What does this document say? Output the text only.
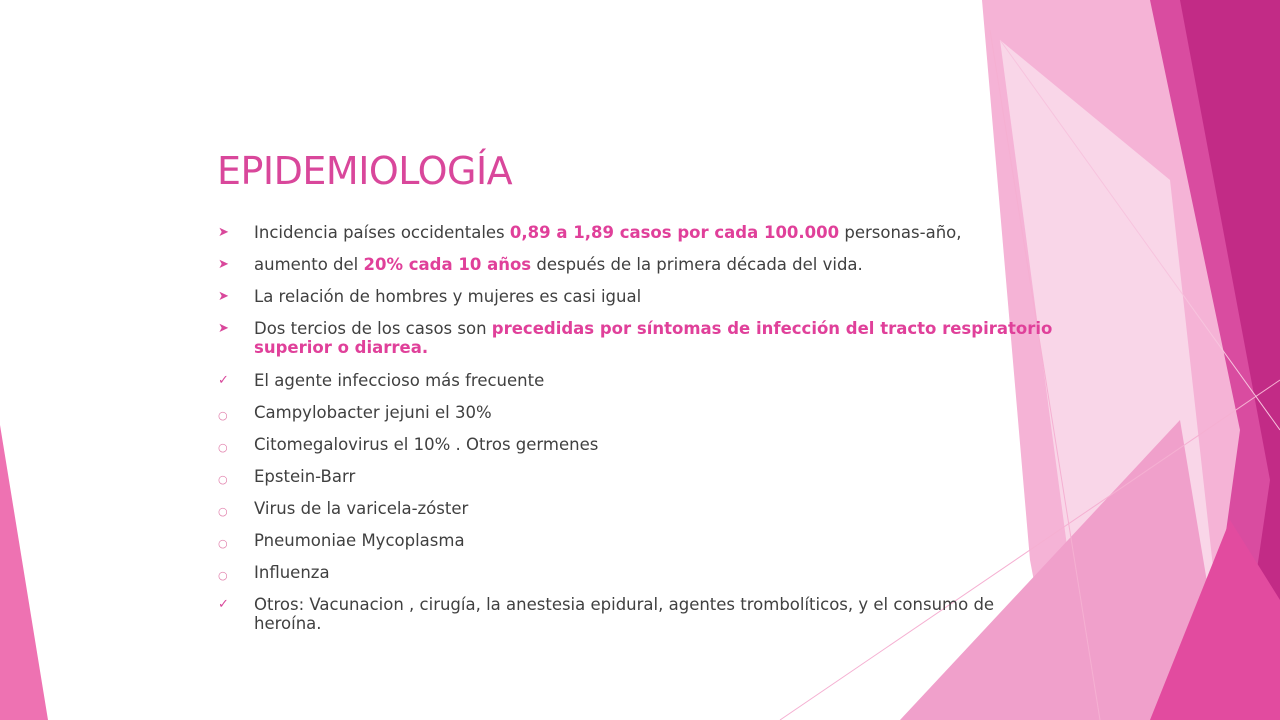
EPIDEMIOLOGÍA
➤	Incidencia países occidentales 0,89 a 1,89 casos por cada 100.000 personas-año,
➤	aumento del 20% cada 10 años después de la primera década del vida.
➤	La relación de hombres y mujeres es casi igual
➤	Dos tercios de los casos son precedidas por síntomas de infección del tracto respiratorio superior o diarrea.
✓	El agente infeccioso más frecuente
○	Campylobacter jejuni el 30%
○	Citomegalovirus el 10% . Otros germenes
○	Epstein-Barr
○	Virus de la varicela-zóster
○	Pneumoniae Mycoplasma
○	Influenza
✓	Otros: Vacunacion , cirugía, la anestesia epidural, agentes trombolíticos, y el consumo de heroína.
